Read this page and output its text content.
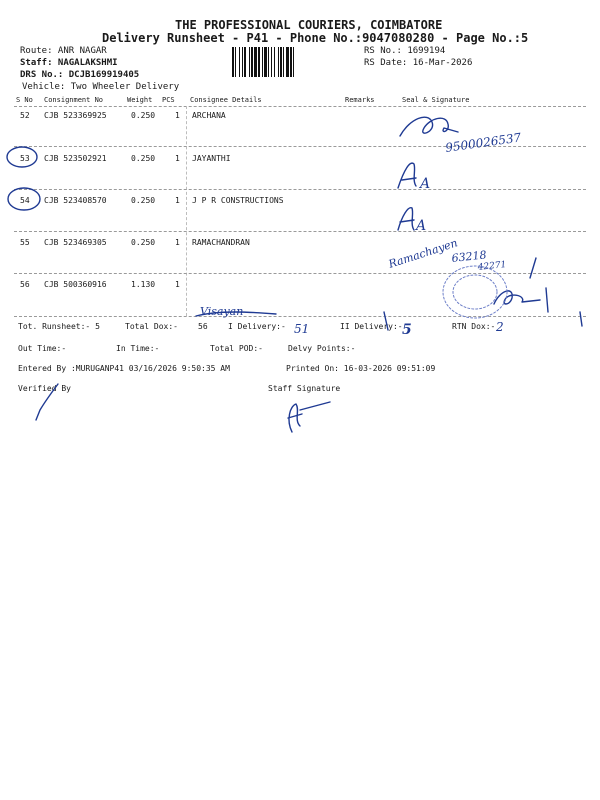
THE PROFESSIONAL COURIERS, COIMBATORE
Delivery Runsheet - P41 - Phone No.:9047080280 - Page No.:5
Route: ANR NAGAR
Staff: NAGALAKSHMI
DRS No.: DCJB169919405
Vehicle: Two Wheeler Delivery
RS No.: 1699194
RS Date: 16-Mar-2026
S No Consignment No	Weight PCS Consignee Details	Remarks	Seal & Signature
52 CJB 523369925	0.250 1 ARCHANA
53 CJB 523502921	0.250 1 JAYANTHI
54 CJB 523408570	0.250 1 J P R CONSTRUCTIONS
55 CJB 523469305	0.250 1 RAMACHANDRAN
56 CJB 500360916	1.130 1
Tot. Runsheet:- 5	Total Dox:-	56	I Delivery:-	II Delivery:-	RTN Dox:-
Out Time:-	In Time:-	Total POD:-	Delvy Points:-
Entered By :MURUGANP41 03/16/2026 9:50:35 AM	Printed On: 16-03-2026 09:51:09
Verified By	Staff Signature
9500026537
A
A
Ramachayen
63218
42271
Visayan
51	5	2
